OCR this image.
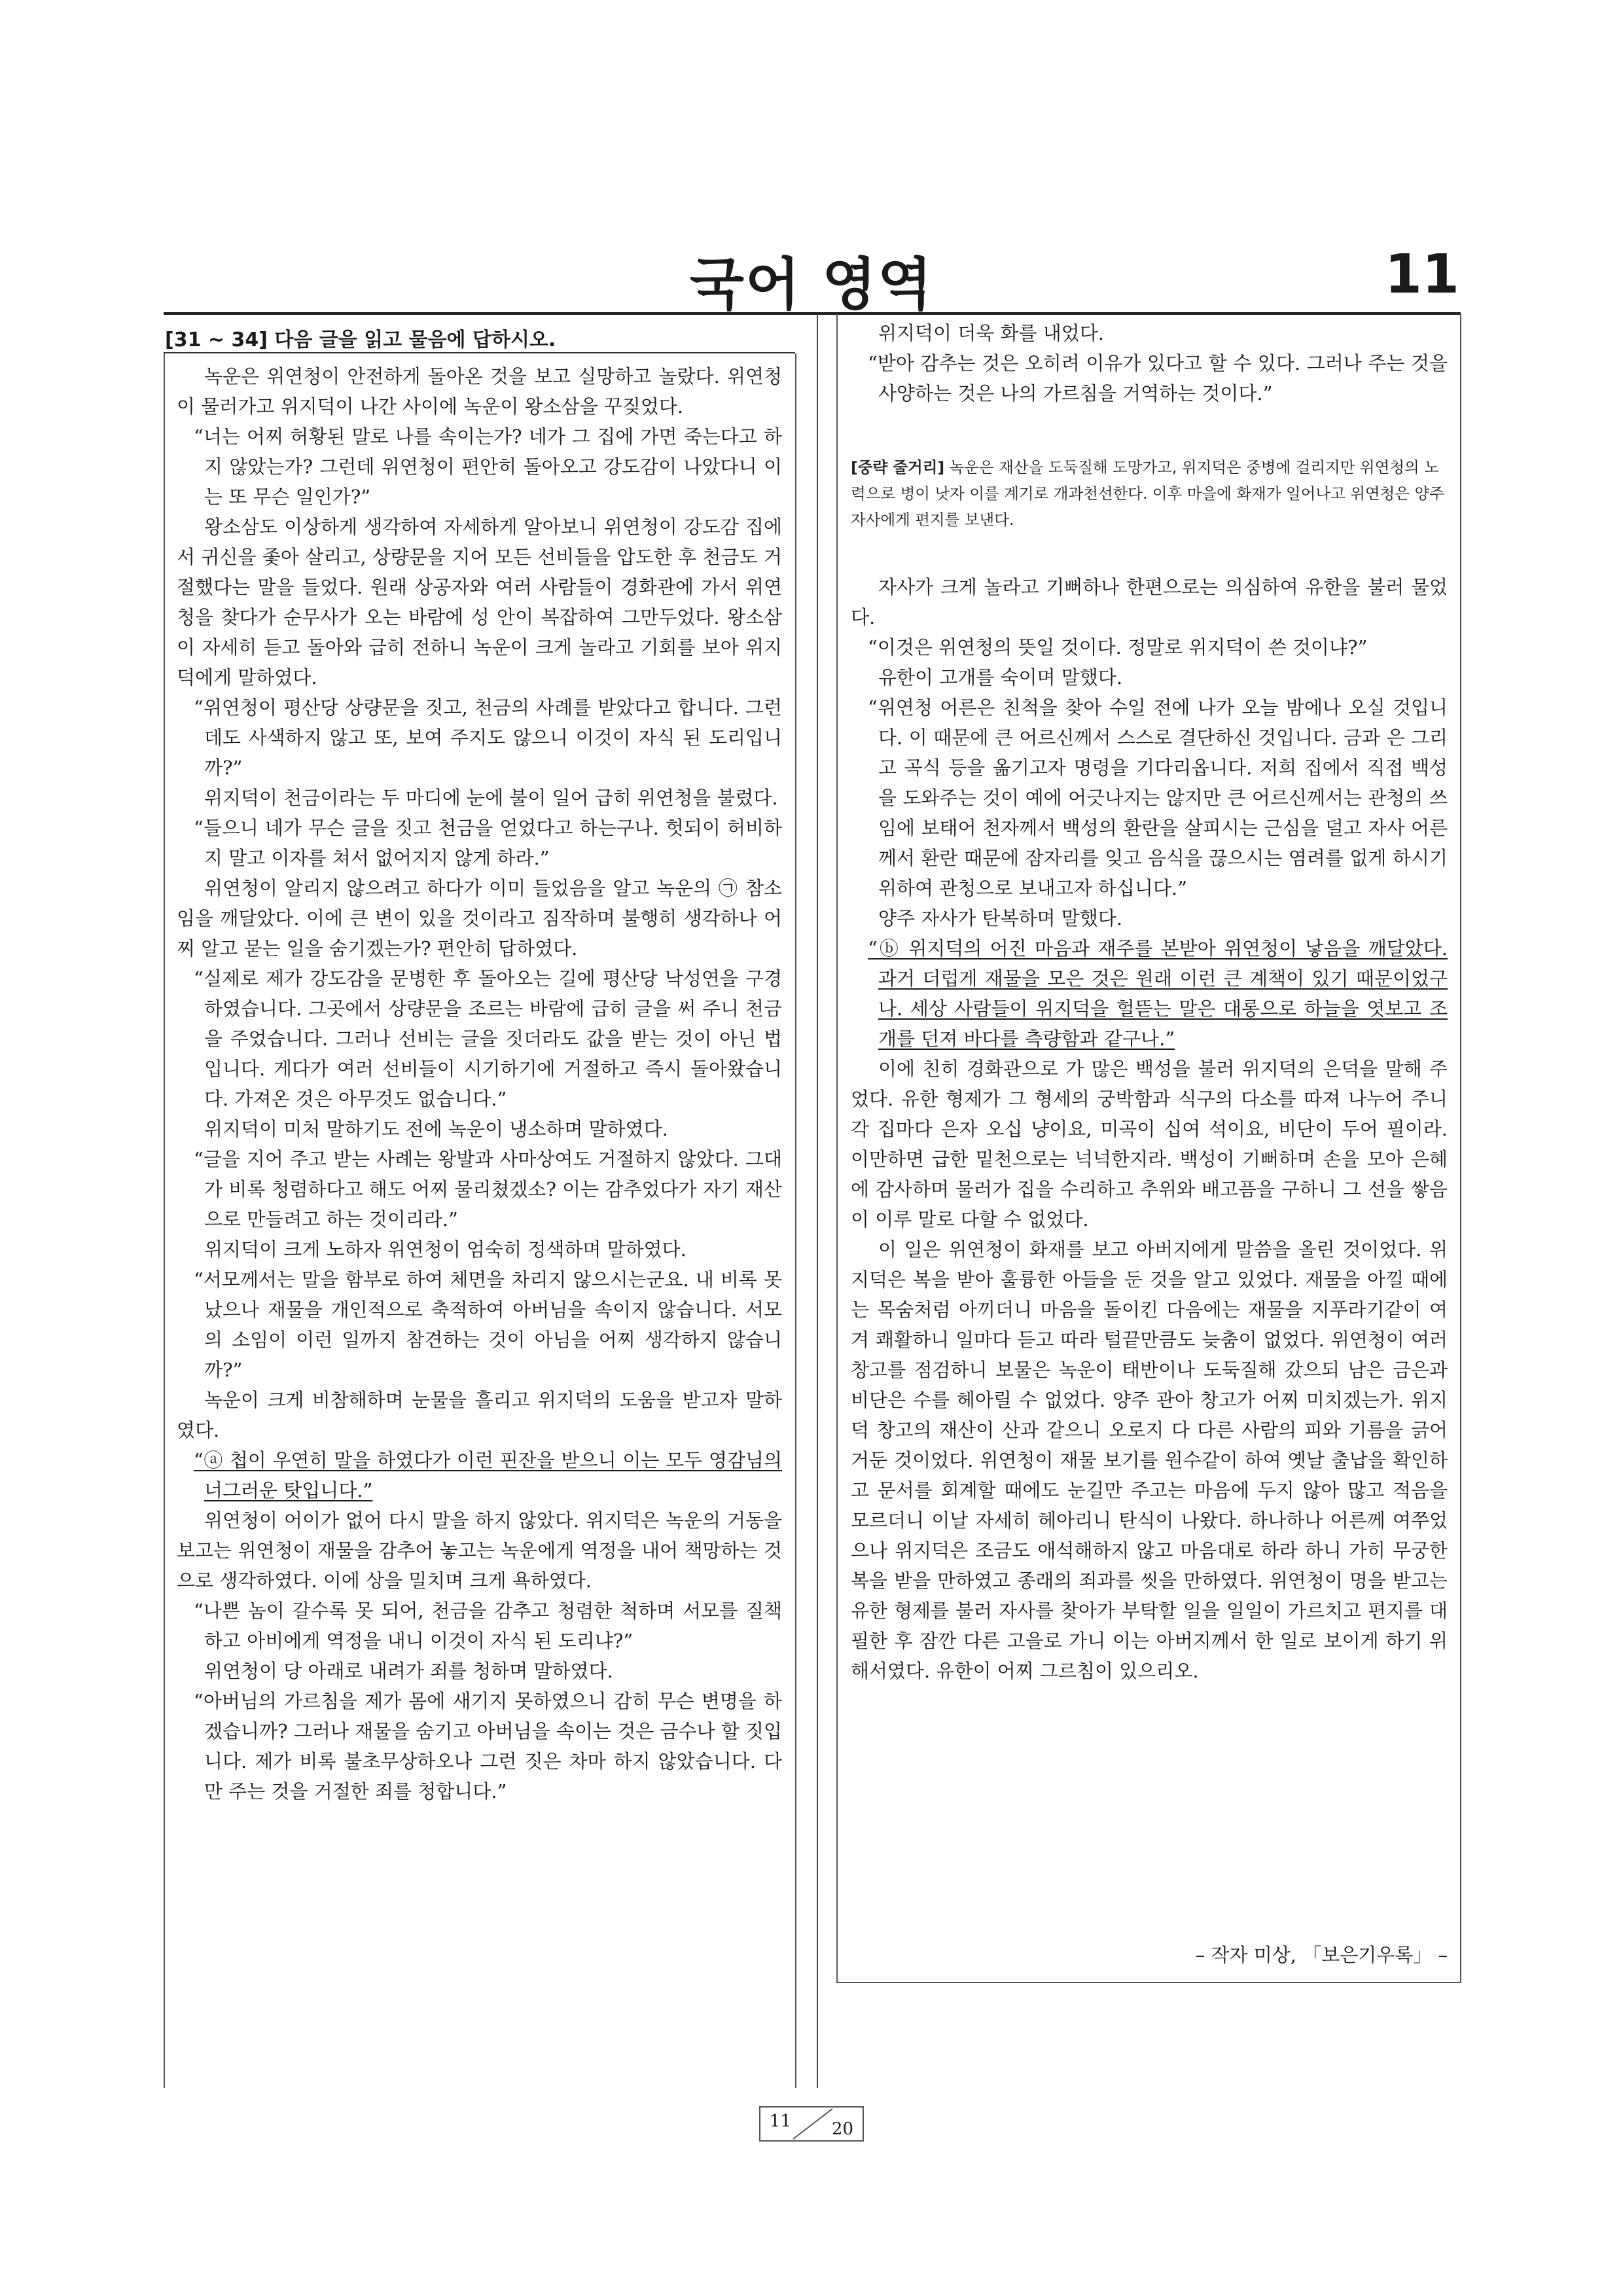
국어 영역	11
[31 ~ 34] 다음 글을 읽고 물음에 답하시오.

녹운은 위연청이 안전하게 돌아온 것을 보고 실망하고 놀랐다. 위연청이 물러가고 위지덕이 나간 사이에 녹운이 왕소삼을 꾸짖었다.

“너는 어찌 허황된 말로 나를 속이는가? 네가 그 집에 가면 죽는다고 하지 않았는가? 그런데 위연청이 편안히 돌아오고 강도감이 나았다니 이는 또 무슨 일인가?”

왕소삼도 이상하게 생각하여 자세하게 알아보니 위연청이 강도감 집에서 귀신을 좇아 살리고, 상량문을 지어 모든 선비들을 압도한 후 천금도 거절했다는 말을 들었다. 원래 상공자와 여러 사람들이 경화관에 가서 위연청을 찾다가 순무사가 오는 바람에 성 안이 복잡하여 그만두었다. 왕소삼이 자세히 듣고 돌아와 급히 전하니 녹운이 크게 놀라고 기회를 보아 위지덕에게 말하였다.

“위연청이 평산당 상량문을 짓고, 천금의 사례를 받았다고 합니다. 그런데도 사색하지 않고 또, 보여 주지도 않으니 이것이 자식 된 도리입니까?”

위지덕이 천금이라는 두 마디에 눈에 불이 일어 급히 위연청을 불렀다.

“들으니 네가 무슨 글을 짓고 천금을 얻었다고 하는구나. 헛되이 허비하지 말고 이자를 쳐서 없어지지 않게 하라.”

위연청이 알리지 않으려고 하다가 이미 들었음을 알고 녹운의 ㉠ 참소임을 깨달았다. 이에 큰 변이 있을 것이라고 짐작하며 불행히 생각하나 어찌 알고 묻는 일을 숨기겠는가? 편안히 답하였다.

“실제로 제가 강도감을 문병한 후 돌아오는 길에 평산당 낙성연을 구경하였습니다. 그곳에서 상량문을 조르는 바람에 급히 글을 써 주니 천금을 주었습니다. 그러나 선비는 글을 짓더라도 값을 받는 것이 아닌 법입니다. 게다가 여러 선비들이 시기하기에 거절하고 즉시 돌아왔습니다. 가져온 것은 아무것도 없습니다.”

위지덕이 미처 말하기도 전에 녹운이 냉소하며 말하였다.

“글을 지어 주고 받는 사례는 왕발과 사마상여도 거절하지 않았다. 그대가 비록 청렴하다고 해도 어찌 물리쳤겠소? 이는 감추었다가 자기 재산으로 만들려고 하는 것이리라.”

위지덕이 크게 노하자 위연청이 엄숙히 정색하며 말하였다.

“서모께서는 말을 함부로 하여 체면을 차리지 않으시는군요. 내 비록 못났으나 재물을 개인적으로 축적하여 아버님을 속이지 않습니다. 서모의 소임이 이런 일까지 참견하는 것이 아님을 어찌 생각하지 않습니까?”

녹운이 크게 비참해하며 눈물을 흘리고 위지덕의 도움을 받고자 말하였다.

“ⓐ 첩이 우연히 말을 하였다가 이런 핀잔을 받으니 이는 모두 영감님의 너그러운 탓입니다.”

위연청이 어이가 없어 다시 말을 하지 않았다. 위지덕은 녹운의 거동을 보고는 위연청이 재물을 감추어 놓고는 녹운에게 역정을 내어 책망하는 것으로 생각하였다. 이에 상을 밀치며 크게 욕하였다.

“나쁜 놈이 갈수록 못 되어, 천금을 감추고 청렴한 척하며 서모를 질책하고 아비에게 역정을 내니 이것이 자식 된 도리냐?”

위연청이 당 아래로 내려가 죄를 청하며 말하였다.

“아버님의 가르침을 제가 몸에 새기지 못하였으니 감히 무슨 변명을 하겠습니까? 그러나 재물을 숨기고 아버님을 속이는 것은 금수나 할 짓입니다. 제가 비록 불초무상하오나 그런 짓은 차마 하지 않았습니다. 다만 주는 것을 거절한 죄를 청합니다.”

위지덕이 더욱 화를 내었다.

“받아 감추는 것은 오히려 이유가 있다고 할 수 있다. 그러나 주는 것을 사양하는 것은 나의 가르침을 거역하는 것이다.”

[중략 줄거리] 녹운은 재산을 도둑질해 도망가고, 위지덕은 중병에 걸리지만 위연청의 노력으로 병이 낫자 이를 계기로 개과천선한다. 이후 마을에 화재가 일어나고 위연청은 양주 자사에게 편지를 보낸다.

자사가 크게 놀라고 기뻐하나 한편으로는 의심하여 유한을 불러 물었다.

“이것은 위연청의 뜻일 것이다. 정말로 위지덕이 쓴 것이냐?”

유한이 고개를 숙이며 말했다.

“위연청 어른은 친척을 찾아 수일 전에 나가 오늘 밤에나 오실 것입니다. 이 때문에 큰 어르신께서 스스로 결단하신 것입니다. 금과 은 그리고 곡식 등을 옮기고자 명령을 기다리옵니다. 저희 집에서 직접 백성을 도와주는 것이 예에 어긋나지는 않지만 큰 어르신께서는 관청의 쓰임에 보태어 천자께서 백성의 환란을 살피시는 근심을 덜고 자사 어른께서 환란 때문에 잠자리를 잊고 음식을 끊으시는 염려를 없게 하시기 위하여 관청으로 보내고자 하십니다.”

양주 자사가 탄복하며 말했다.

“ⓑ 위지덕의 어진 마음과 재주를 본받아 위연청이 낳음을 깨달았다. 과거 더럽게 재물을 모은 것은 원래 이런 큰 계책이 있기 때문이었구나. 세상 사람들이 위지덕을 헐뜯는 말은 대롱으로 하늘을 엿보고 조개를 던져 바다를 측량함과 같구나.”

이에 친히 경화관으로 가 많은 백성을 불러 위지덕의 은덕을 말해 주었다. 유한 형제가 그 형세의 궁박함과 식구의 다소를 따져 나누어 주니 각 집마다 은자 오십 냥이요, 미곡이 십여 석이요, 비단이 두어 필이라. 이만하면 급한 밑천으로는 넉넉한지라. 백성이 기뻐하며 손을 모아 은혜에 감사하며 물러가 집을 수리하고 추위와 배고픔을 구하니 그 선을 쌓음이 이루 말로 다할 수 없었다.

이 일은 위연청이 화재를 보고 아버지에게 말씀을 올린 것이었다. 위지덕은 복을 받아 훌륭한 아들을 둔 것을 알고 있었다. 재물을 아낄 때에는 목숨처럼 아끼더니 마음을 돌이킨 다음에는 재물을 지푸라기같이 여겨 쾌활하니 일마다 듣고 따라 털끝만큼도 늦춤이 없었다. 위연청이 여러 창고를 점검하니 보물은 녹운이 태반이나 도둑질해 갔으되 남은 금은과 비단은 수를 헤아릴 수 없었다. 양주 관아 창고가 어찌 미치겠는가. 위지덕 창고의 재산이 산과 같으니 오로지 다 다른 사람의 피와 기름을 긁어 거둔 것이었다. 위연청이 재물 보기를 원수같이 하여 옛날 출납을 확인하고 문서를 회계할 때에도 눈길만 주고는 마음에 두지 않아 많고 적음을 모르더니 이날 자세히 헤아리니 탄식이 나왔다. 하나하나 어른께 여쭈었으나 위지덕은 조금도 애석해하지 않고 마음대로 하라 하니 가히 무궁한 복을 받을 만하였고 종래의 죄과를 씻을 만하였다. 위연청이 명을 받고는 유한 형제를 불러 자사를 찾아가 부탁할 일을 일일이 가르치고 편지를 대필한 후 잠깐 다른 고을로 가니 이는 아버지께서 한 일로 보이게 하기 위해서였다. 유한이 어찌 그르침이 있으리오.

– 작자 미상, 「보은기우록」 –
11 20
